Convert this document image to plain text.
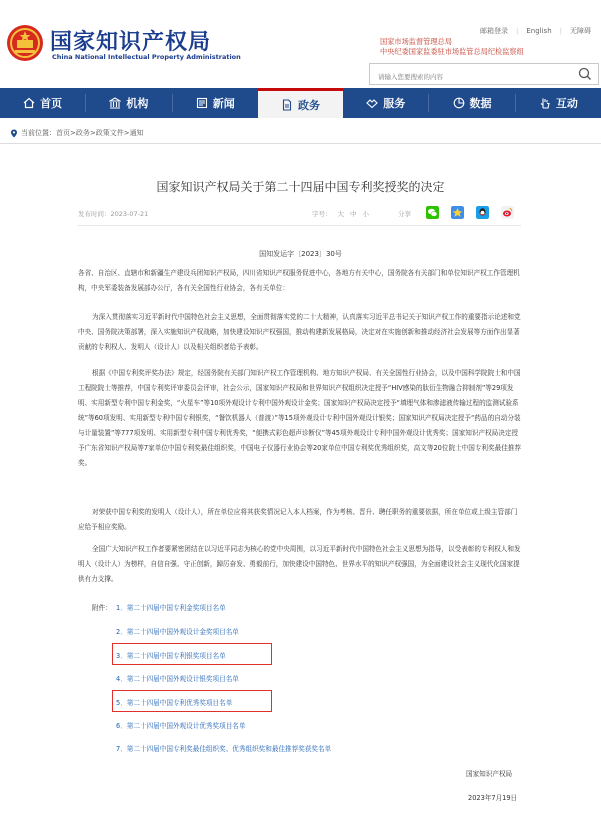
国家知识产权局
China National Intellectual Property Administration
邮箱登录 | English | 无障碍
国家市场监督管理总局
中央纪委国家监委驻市场监管总局纪检监察组
请输入您要搜索的内容
首页	机构	新闻	政务	服务	数据	互动
当前位置：首页>政务>政策文件>通知
国家知识产权局关于第二十四届中国专利奖授奖的决定
发布时间：2023-07-21	字号： 大 中 小	分享
国知发运字〔2023〕30号
各省、自治区、直辖市和新疆生产建设兵团知识产权局，四川省知识产权服务促进中心，各地方有关中心，国务院各有关部门和单位知识产权工作管理机构，中央军委装备发展部办公厅，各有关全国性行业协会，各有关单位：
为深入贯彻落实习近平新时代中国特色社会主义思想，全面贯彻落实党的二十大精神，认真落实习近平总书记关于知识产权工作的重要指示论述和党中央、国务院决策部署，深入实施知识产权战略，加快建设知识产权强国，推动构建新发展格局，决定对在实施创新和推动经济社会发展等方面作出显著贡献的专利权人、发明人（设计人）以及相关组织者给予表彰。
根据《中国专利奖评奖办法》规定，经国务院有关部门知识产权工作管理机构、地方知识产权局、有关全国性行业协会，以及中国科学院院士和中国工程院院士等推荐，中国专利奖评审委员会评审，社会公示，国家知识产权局和世界知识产权组织决定授予“HIV感染的肽衍生物融合抑制剂”等29项发明、实用新型专利中国专利金奖，“火星车”等10项外观设计专利中国外观设计金奖；国家知识产权局决定授予“填埋气体和渗滤液传输过程的监测试验系统”等60项发明、实用新型专利中国专利银奖，“餐饮机器人（普渡）”等15项外观设计专利中国外观设计银奖；国家知识产权局决定授予“药品的自动分装与计量装置”等777项发明、实用新型专利中国专利优秀奖，“便携式彩色超声诊断仪”等45项外观设计专利中国外观设计优秀奖；国家知识产权局决定授予广东省知识产权局等7家单位中国专利奖最佳组织奖，中国电子仪器行业协会等20家单位中国专利奖优秀组织奖，高文等20位院士中国专利奖最佳推荐奖。
对荣获中国专利奖的发明人（设计人），所在单位应将其获奖情况记入本人档案，作为考核、晋升、聘任职务的重要依据，所在单位或上级主管部门应给予相应奖励。
全国广大知识产权工作者要紧密团结在以习近平同志为核心的党中央周围，以习近平新时代中国特色社会主义思想为指导，以受表彰的专利权人和发明人（设计人）为榜样，自信自强、守正创新，踔厉奋发、勇毅前行，加快建设中国特色、世界水平的知识产权强国，为全面建设社会主义现代化国家提供有力支撑。
附件： 1．第二十四届中国专利金奖项目名单
2．第二十四届中国外观设计金奖项目名单
3．第二十四届中国专利银奖项目名单
4．第二十四届中国外观设计银奖项目名单
5．第二十四届中国专利优秀奖项目名单
6．第二十四届中国外观设计优秀奖项目名单
7．第二十四届中国专利奖最佳组织奖、优秀组织奖和最佳推荐奖获奖名单
国家知识产权局
2023年7月19日
